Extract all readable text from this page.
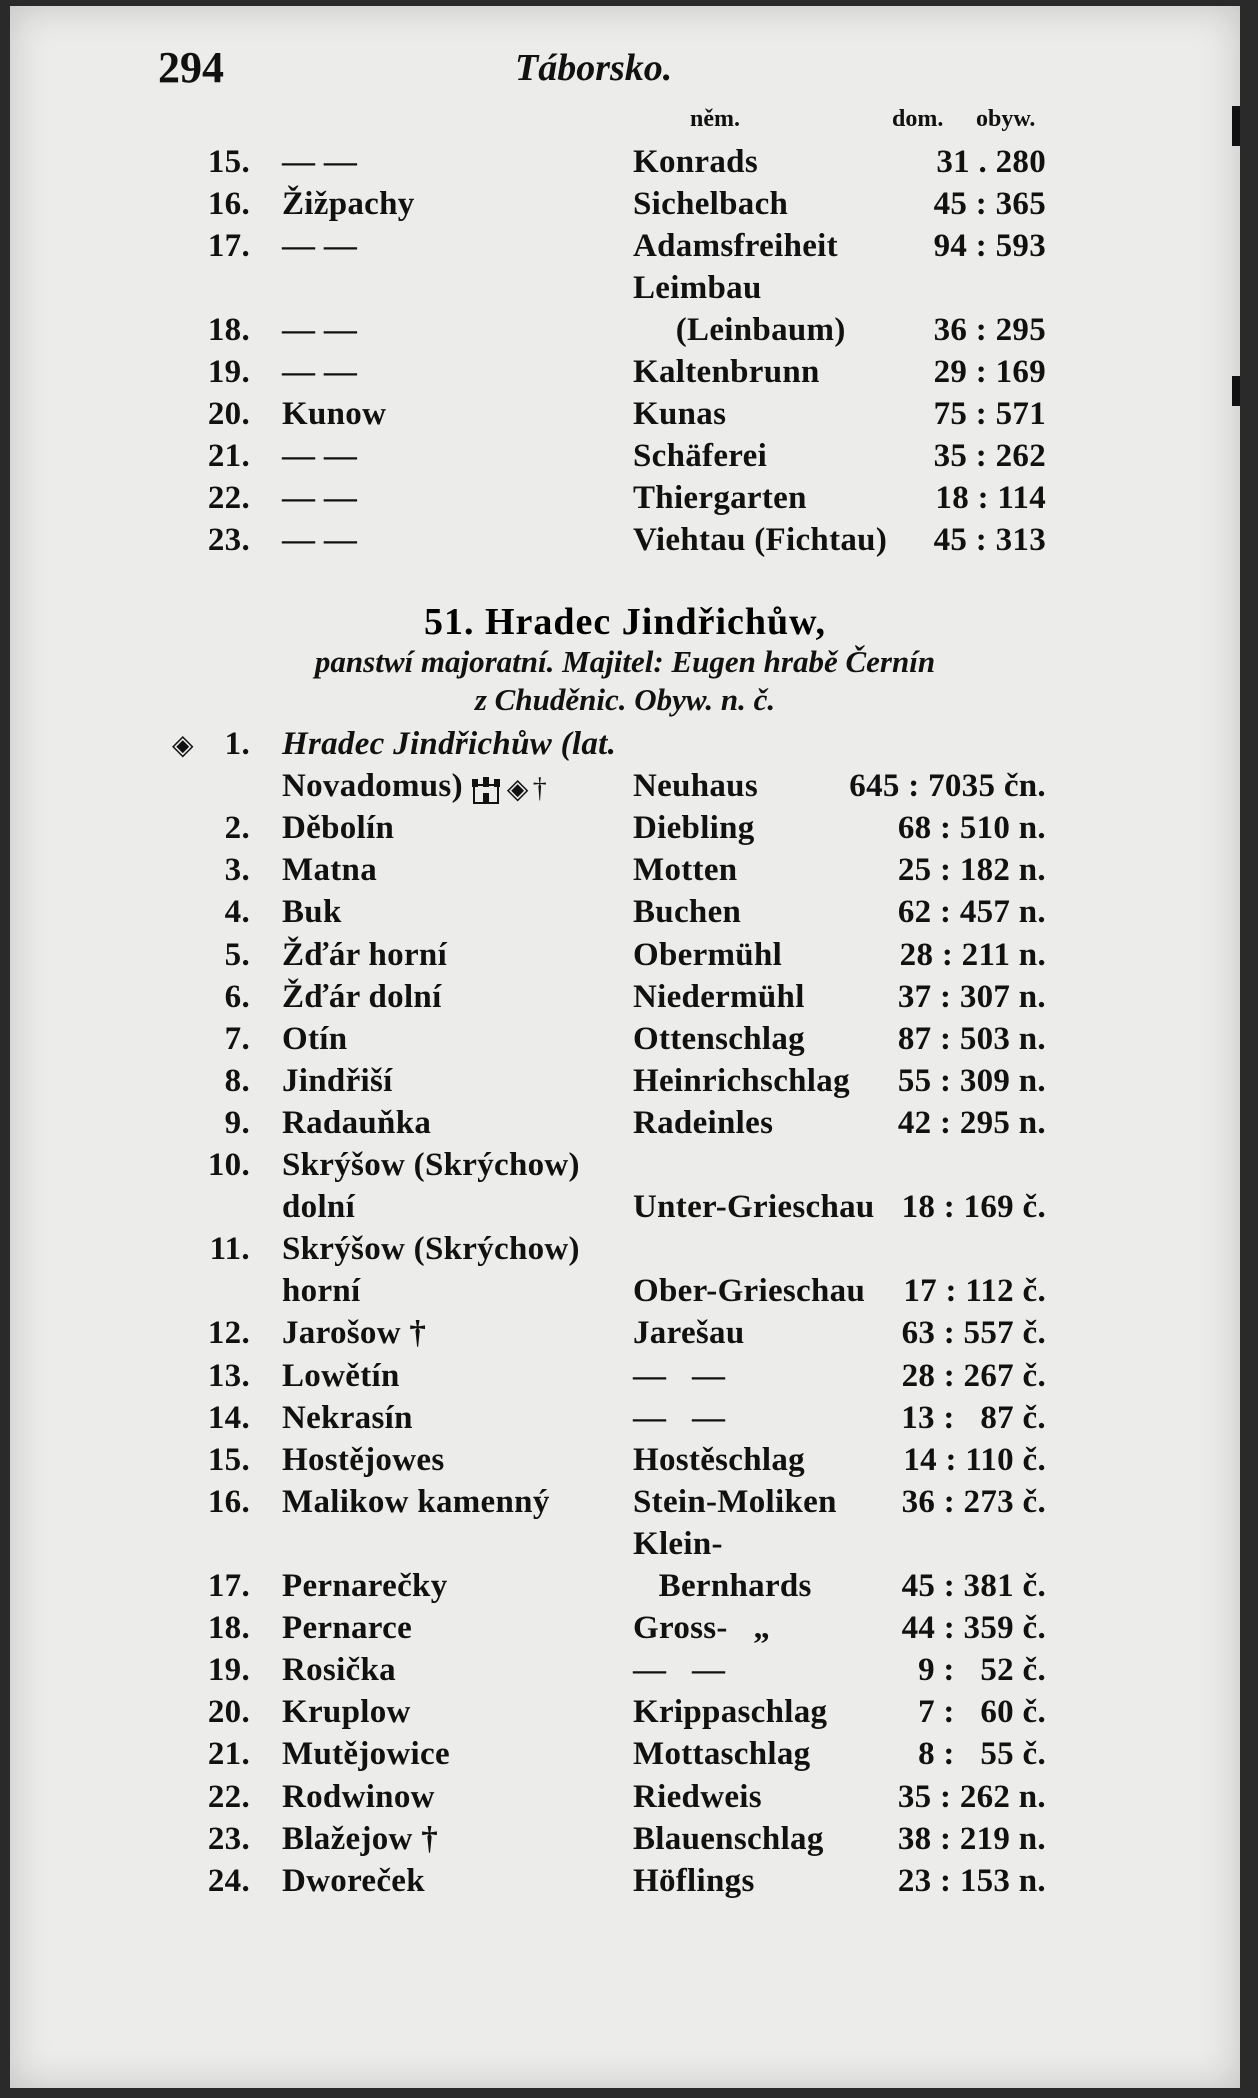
294	Táborsko.
něm.	dom. obyw.
15. — —	Konrads	31 . 280
16. Žižpachy	Sichelbach	45 : 365
17. — —	Adamsfreiheit	94 : 593
Leimbau
18. — —	(Leinbaum)	36 : 295
19. — —	Kaltenbrunn	29 : 169
20. Kunow	Kunas	75 : 571
21. — —	Schäferei	35 : 262
22. — —	Thiergarten	18 : 114
23. — —	Viehtau (Fichtau) 45 : 313
51. Hradec Jindřichůw,
panstwí majoratní. Majitel: Eugen hrabě Černín
z Chuděnic. Obyw. n. č.
1.
◈	Hradec Jindřichůw (lat.
Novadomus) ◈ †	Neuhaus	645 : 7035 čn.
2. Děbolín	Diebling	68 : 510 n.
3. Matna	Motten	25 : 182 n.
4. Buk	Buchen	62 : 457 n.
5. Žďár horní	Obermühl	28 : 211 n.
6. Žďár dolní	Niedermühl	37 : 307 n.
7. Otín	Ottenschlag	87 : 503 n.
8. Jindřiší	Heinrichschlag 55 : 309 n.
9. Radauňka	Radeinles	42 : 295 n.
10. Skrýšow (Skrýchow)
dolní	Unter-Grieschau 18 : 169 č.
11. Skrýšow (Skrýchow)
horní	Ober-Grieschau 17 : 112 č.
12. Jarošow †	Jarešau	63 : 557 č.
13. Lowětín	—   —	28 : 267 č.
14. Nekrasín	—   —	13 :   87 č.
15. Hostějowes	Hostěschlag	14 : 110 č.
16. Malikow kamenný	Stein-Moliken 36 : 273 č.
Klein-
17. Pernarečky	Bernhards	45 : 381 č.
18. Pernarce	Gross-   „	44 : 359 č.
19. Rosička	—   —	9 :   52 č.
20. Kruplow	Krippaschlag	7 :   60 č.
21. Mutějowice	Mottaschlag	8 :   55 č.
22. Rodwinow	Riedweis	35 : 262 n.
23. Blažejow †	Blauenschlag 38 : 219 n.
24. Dworeček	Höflings	23 : 153 n.
